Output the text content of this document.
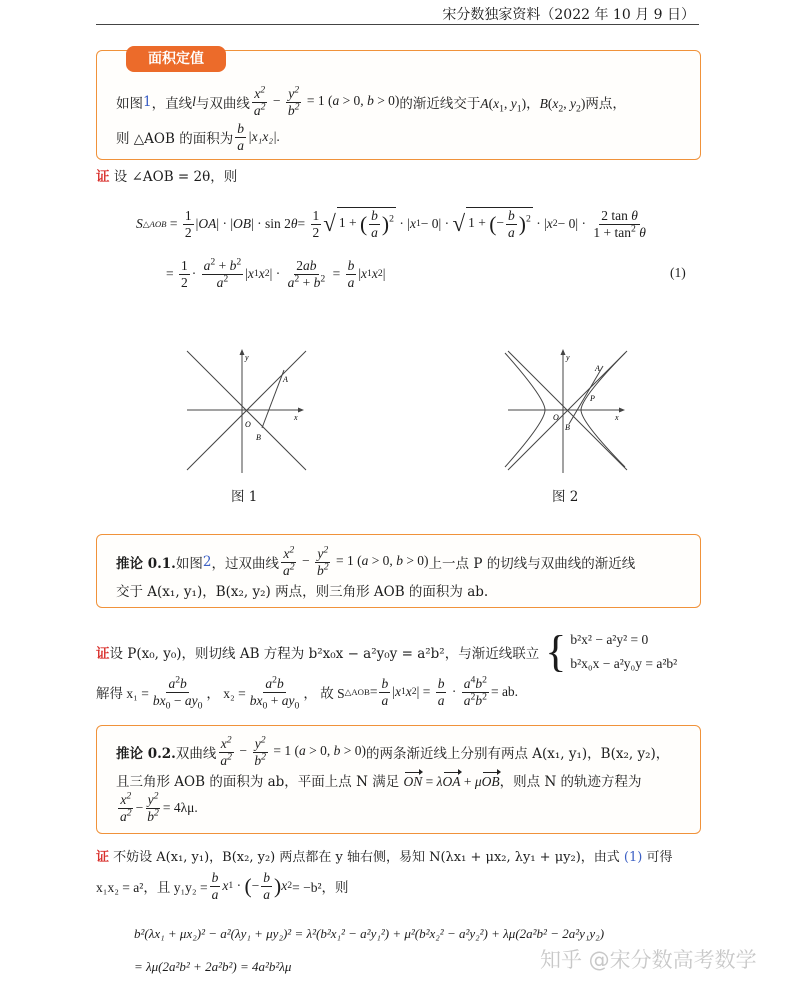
宋分数独家资料（2022 年 10 月 9 日）
面积定值
如图 1 ，直线 l 与双曲线 $\frac{x^2}{a^2} - \frac{y^2}{b^2} = 1$ (a > 0, b > 0) 的渐近线交于 $A(x_1$, $y_1$)，$B(x_2$, $y_2$) 两点，
则 △AOB 的面积为 $\frac{b}{a} |x_1x_2|$.
证 设 ∠AOB = 2θ，则
S △AOB = $\frac{1}{2}$ | OA | · | OB | · sin 2 $\theta = \frac{1}{2}$ √ 1 + ( $\frac{b}{a} )^2$ · | x 1 − 0| · √ 1 + (− $\frac{b}{a} )^2$ · | x $2 - 0| \cdot \frac{\text{2 tan θ}}{1 + \tan^2 \theta}$
= $\frac{1}{2} \cdot \frac{a^2 + b^2}{a^2}$ | x 1 x 2 | · $\frac{2ab}{a^2 + b^2} = \frac{b}{a}$ | x 1 x 2 |	(1)
y
x
O
A
B
图 1
y
x
O
A
B
P
图 2
推论 0.1. 如图 2 ，过双曲线 $\frac{x^2}{a^2} - \frac{y^2}{b^2} = 1$ (a > 0, b > 0) 上一点 P 的切线与双曲线的渐近线
交于 A(x₁, y₁)，B(x₂, y₂) 两点，则三角形 AOB 的面积为 ab.
证 设 P(x₀, y₀)，则切线 AB 方程为 b²x₀x − a²y₀y = a²b²，与渐近线联立 { b²x² − a²y² = 0
b²x₀x − a²y₀y = a²b²
解得 $x_1 = \frac{a^2b}{bx_0 - ay_0}$ ， $x_2 = \frac{a^2b}{bx_0 + ay_0}$ ， 故 S △AOB = $\frac{b}{a}$ | x 1 x 2 | = $\frac{b}{a} \cdot \frac{a^4b^2}{a^2b^2}$ = ab.
推论 0.2. 双曲线 $\frac{x^2}{a^2} - \frac{y^2}{b^2} = 1$ (a > 0, b > 0) 的两条渐近线上分别有两点 A(x₁, y₁)，B(x₂, y₂)，
且三角形 AOB 的面积为 ab，平面上点 N 满足 ON = λOA + μOB，则点 N 的轨迹方程为
$\frac{x^2}{a^2} - \frac{y^2}{b^2} = 4\lambda\mu$.
证 不妨设 A(x₁, y₁)，B(x₂, y₂) 两点都在 y 轴右侧，易知 N(λx₁ + μx₂, λy₁ + μy₂)，由式 (1) 可得
x₁x₂ = a²，且 $y_1y_2 = \frac{b}{a}$ x 1 · ( − $\frac{b}{a}$ ) x 2 = −b²，则
b²(λx₁ + μx₂)² − a²(λy₁ + μy₂)² = λ²(b²x₁² − a²y₁²) + μ²(b²x₂² − a²y₂²) + λμ(2a²b² − 2a²y₁y₂)
= λμ(2a²b² + 2a²b²) = 4a²b²λμ	知乎 @宋分数高考数学
